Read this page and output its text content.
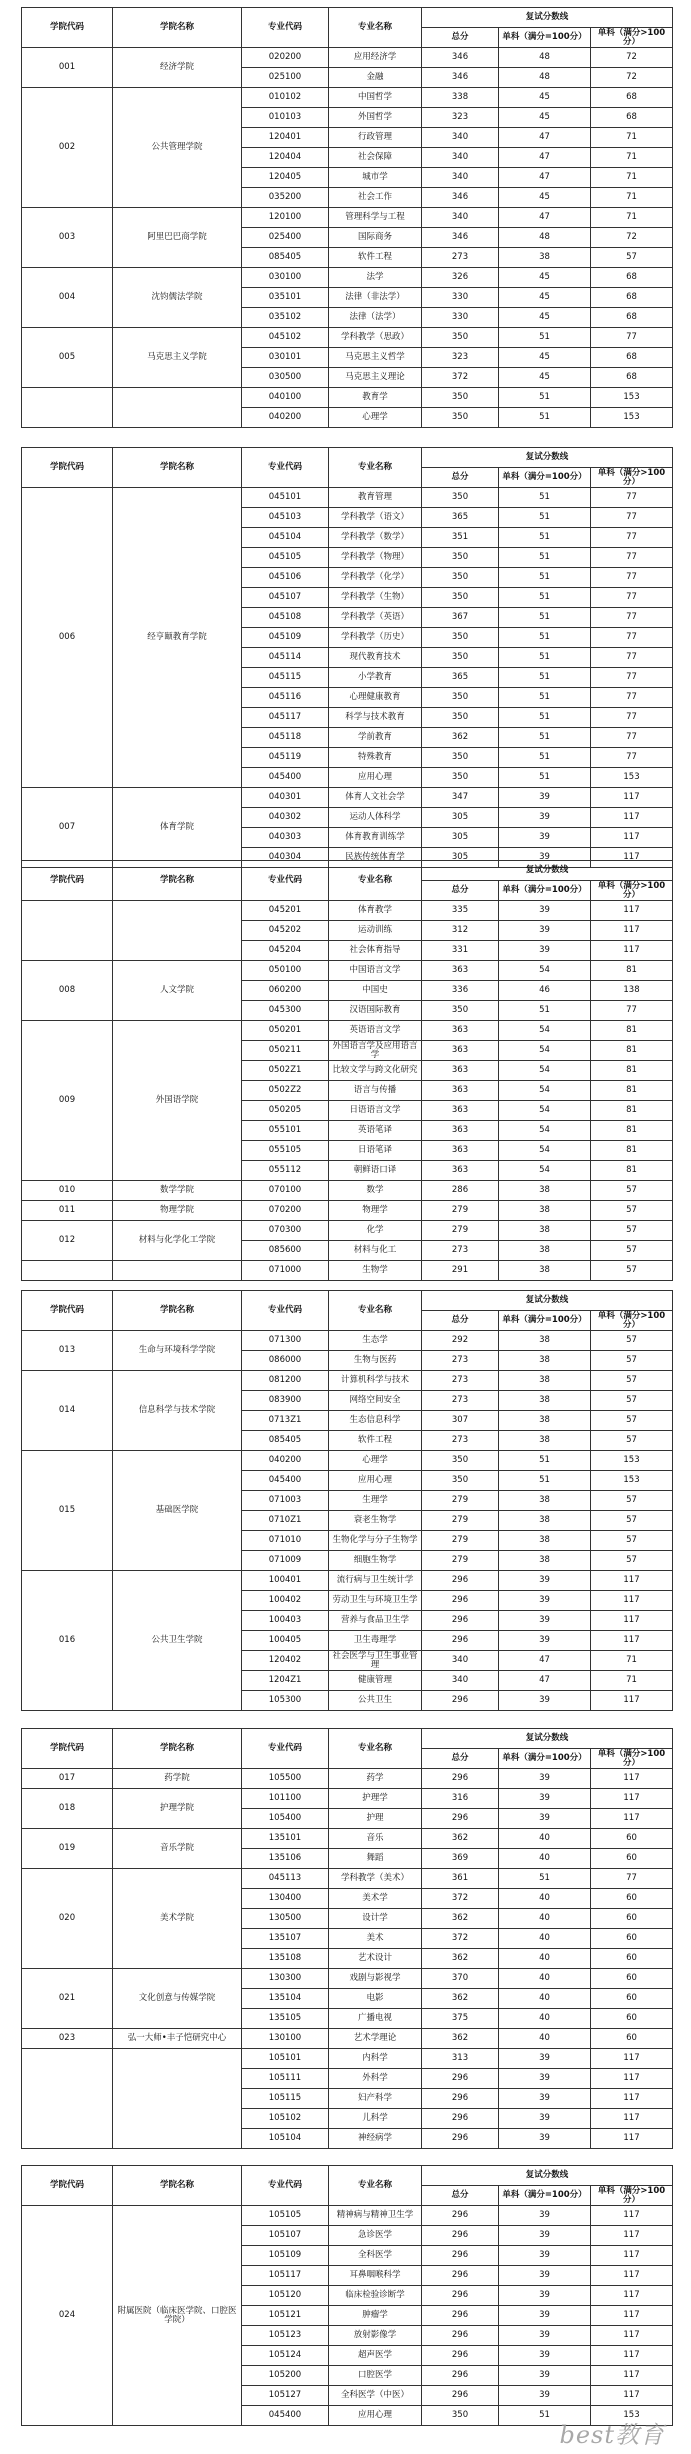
学院代码	学院名称	专业代码	专业名称	复试分数线		
				总分	单科（满分=100分）	单科（满分>100分）
001	经济学院	020200	应用经济学	346	48	72
		025100	金融	346	48	72
002	公共管理学院	010102	中国哲学	338	45	68
		010103	外国哲学	323	45	68
		120401	行政管理	340	47	71
		120404	社会保障	340	47	71
		120405	城市学	340	47	71
		035200	社会工作	346	45	71
003	阿里巴巴商学院	120100	管理科学与工程	340	47	71
		025400	国际商务	346	48	72
		085405	软件工程	273	38	57
004	沈钧儒法学院	030100	法学	326	45	68
		035101	法律（非法学）	330	45	68
		035102	法律（法学）	330	45	68
005	马克思主义学院	045102	学科教学（思政）	350	51	77
		030101	马克思主义哲学	323	45	68
		030500	马克思主义理论	372	45	68
		040100	教育学	350	51	153
		040200	心理学	350	51	153
学院代码	学院名称	专业代码	专业名称	复试分数线		
				总分	单科（满分=100分）	单科（满分>100分）
006	经亨颐教育学院	045101	教育管理	350	51	77
		045103	学科教学（语文）	365	51	77
		045104	学科教学（数学）	351	51	77
		045105	学科教学（物理）	350	51	77
		045106	学科教学（化学）	350	51	77
		045107	学科教学（生物）	350	51	77
		045108	学科教学（英语）	367	51	77
		045109	学科教学（历史）	350	51	77
		045114	现代教育技术	350	51	77
		045115	小学教育	365	51	77
		045116	心理健康教育	350	51	77
		045117	科学与技术教育	350	51	77
		045118	学前教育	362	51	77
		045119	特殊教育	350	51	77
		045400	应用心理	350	51	153
007	体育学院	040301	体育人文社会学	347	39	117
		040302	运动人体科学	305	39	117
		040303	体育教育训练学	305	39	117
		040304	民族传统体育学	305	39	117
学院代码	学院名称	专业代码	专业名称	复试分数线		
				总分	单科（满分=100分）	单科（满分>100分）
		045201	体育教学	335	39	117
		045202	运动训练	312	39	117
		045204	社会体育指导	331	39	117
008	人文学院	050100	中国语言文学	363	54	81
		060200	中国史	336	46	138
		045300	汉语国际教育	350	51	77
009	外国语学院	050201	英语语言文学	363	54	81
		050211	外国语言学及应用语言学	363	54	81
		0502Z1	比较文学与跨文化研究	363	54	81
		0502Z2	语言与传播	363	54	81
		050205	日语语言文学	363	54	81
		055101	英语笔译	363	54	81
		055105	日语笔译	363	54	81
		055112	朝鲜语口译	363	54	81
010	数学学院	070100	数学	286	38	57
011	物理学院	070200	物理学	279	38	57
012	材料与化学化工学院	070300	化学	279	38	57
		085600	材料与化工	273	38	57
		071000	生物学	291	38	57
学院代码	学院名称	专业代码	专业名称	复试分数线		
				总分	单科（满分=100分）	单科（满分>100分）
013	生命与环境科学学院	071300	生态学	292	38	57
		086000	生物与医药	273	38	57
014	信息科学与技术学院	081200	计算机科学与技术	273	38	57
		083900	网络空间安全	273	38	57
		0713Z1	生态信息科学	307	38	57
		085405	软件工程	273	38	57
015	基础医学院	040200	心理学	350	51	153
		045400	应用心理	350	51	153
		071003	生理学	279	38	57
		0710Z1	衰老生物学	279	38	57
		071010	生物化学与分子生物学	279	38	57
		071009	细胞生物学	279	38	57
016	公共卫生学院	100401	流行病与卫生统计学	296	39	117
		100402	劳动卫生与环境卫生学	296	39	117
		100403	营养与食品卫生学	296	39	117
		100405	卫生毒理学	296	39	117
		120402	社会医学与卫生事业管理	340	47	71
		1204Z1	健康管理	340	47	71
		105300	公共卫生	296	39	117
学院代码	学院名称	专业代码	专业名称	复试分数线		
				总分	单科（满分=100分）	单科（满分>100分）
017	药学院	105500	药学	296	39	117
018	护理学院	101100	护理学	316	39	117
		105400	护理	296	39	117
019	音乐学院	135101	音乐	362	40	60
		135106	舞蹈	369	40	60
020	美术学院	045113	学科教学（美术）	361	51	77
		130400	美术学	372	40	60
		130500	设计学	362	40	60
		135107	美术	372	40	60
		135108	艺术设计	362	40	60
021	文化创意与传媒学院	130300	戏剧与影视学	370	40	60
		135104	电影	362	40	60
		135105	广播电视	375	40	60
023	弘一大师•丰子恺研究中心	130100	艺术学理论	362	40	60
		105101	内科学	313	39	117
		105111	外科学	296	39	117
		105115	妇产科学	296	39	117
		105102	儿科学	296	39	117
		105104	神经病学	296	39	117
学院代码	学院名称	专业代码	专业名称	复试分数线		
				总分	单科（满分=100分）	单科（满分>100分）
024	附属医院（临床医学院、口腔医学院）	105105	精神病与精神卫生学	296	39	117
		105107	急诊医学	296	39	117
		105109	全科医学	296	39	117
		105117	耳鼻咽喉科学	296	39	117
		105120	临床检验诊断学	296	39	117
		105121	肿瘤学	296	39	117
		105123	放射影像学	296	39	117
		105124	超声医学	296	39	117
		105200	口腔医学	296	39	117
		105127	全科医学（中医）	296	39	117
		045400	应用心理	350	51	153
best教育
